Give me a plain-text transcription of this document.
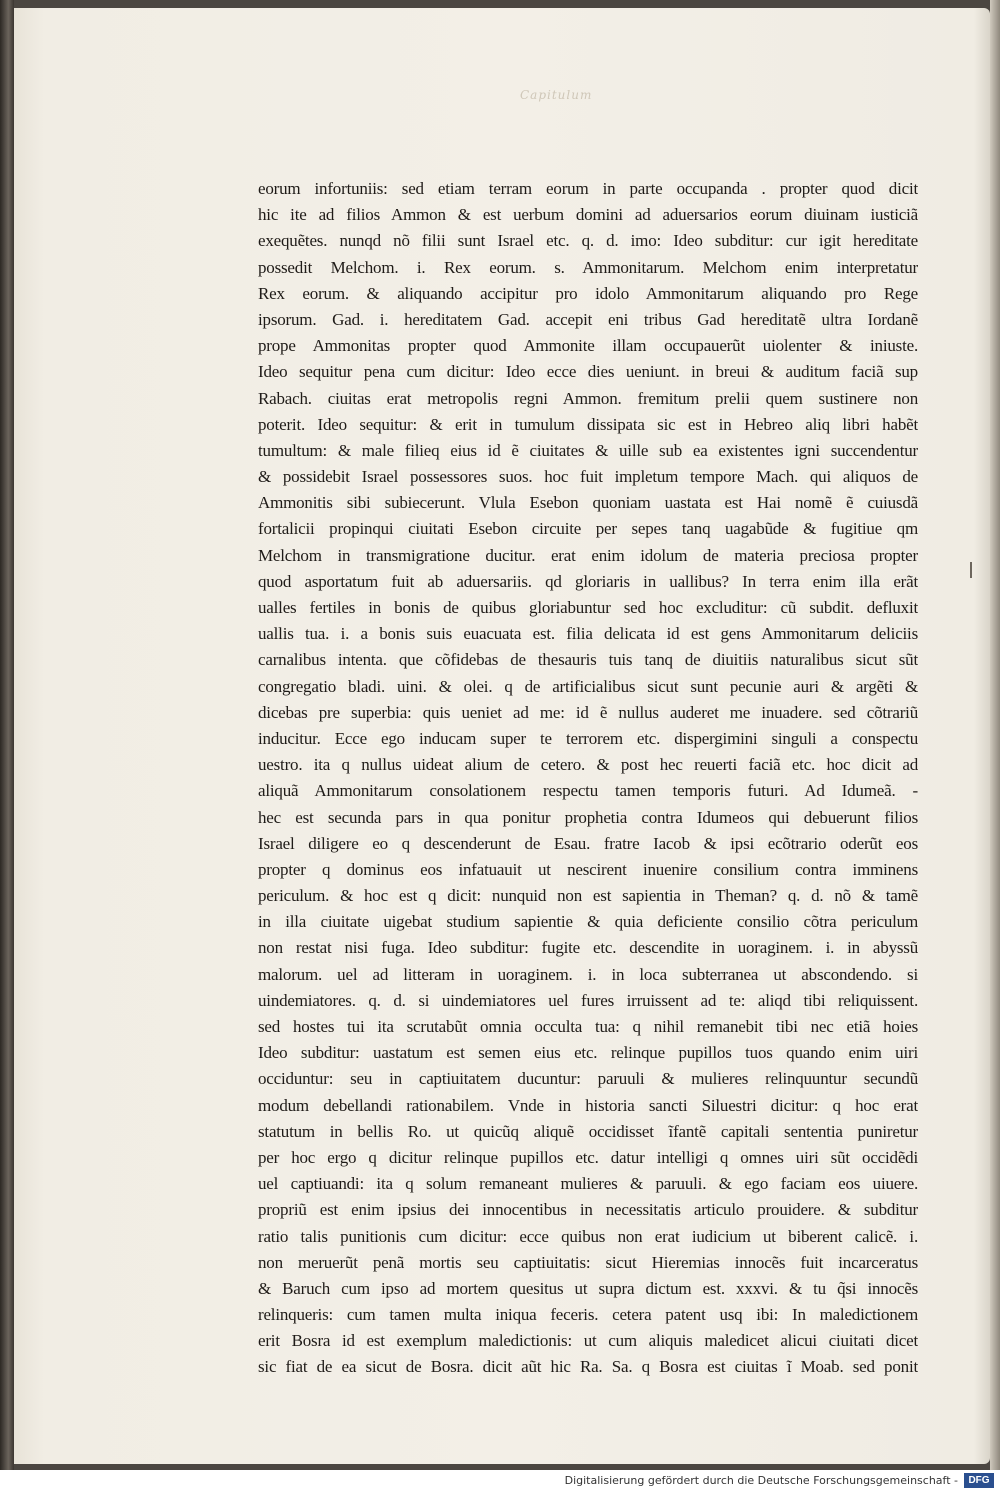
Capitulum
eorum infortuniis: sed etiam terram eorum in parte occupanda . propter quod dicit
hic ite ad filios Ammon & est uerbum domini ad aduersarios eorum diuinam iusticiã
exequẽtes. nunqd nõ filii sunt Israel etc. q. d. imo: Ideo subditur: cur igit hereditate
possedit Melchom. i. Rex eorum. s. Ammonitarum. Melchom enim interpretatur
Rex eorum. & aliquando accipitur pro idolo Ammonitarum aliquando pro Rege
ipsorum. Gad. i. hereditatem Gad. accepit eni tribus Gad hereditatẽ ultra Iordanẽ
prope Ammonitas propter quod Ammonite illam occupauerũt uiolenter & iniuste.
Ideo sequitur pena cum dicitur: Ideo ecce dies ueniunt. in breui & auditum faciã sup
Rabach. ciuitas erat metropolis regni Ammon. fremitum prelii quem sustinere non
poterit. Ideo sequitur: & erit in tumulum dissipata sic est in Hebreo aliq libri habẽt
tumultum: & male filieq eius id ẽ ciuitates & uille sub ea existentes igni succendentur
& possidebit Israel possessores suos. hoc fuit impletum tempore Mach. qui aliquos de
Ammonitis sibi subiecerunt. Vlula Esebon quoniam uastata est Hai nomẽ ẽ cuiusdã
fortalicii propinqui ciuitati Esebon circuite per sepes tanq uagabũde & fugitiue qm
Melchom in transmigratione ducitur. erat enim idolum de materia preciosa propter
quod asportatum fuit ab aduersariis. qd gloriaris in uallibus? In terra enim illa erãt
ualles fertiles in bonis de quibus gloriabuntur sed hoc excluditur: cũ subdit. defluxit
uallis tua. i. a bonis suis euacuata est. filia delicata id est gens Ammonitarum deliciis
carnalibus intenta. que cõfidebas de thesauris tuis tanq de diuitiis naturalibus sicut sũt
congregatio bladi. uini. & olei. q de artificialibus sicut sunt pecunie auri & argẽti &
dicebas pre superbia: quis ueniet ad me: id ẽ nullus auderet me inuadere. sed cõtrariũ
inducitur. Ecce ego inducam super te terrorem etc. dispergimini singuli a conspectu
uestro. ita q nullus uideat alium de cetero. & post hec reuerti faciã etc. hoc dicit ad
aliquã Ammonitarum consolationem respectu tamen temporis futuri. Ad Idumeã. -
hec est secunda pars in qua ponitur prophetia contra Idumeos qui debuerunt filios
Israel diligere eo q descenderunt de Esau. fratre Iacob & ipsi ecõtrario oderũt eos
propter q dominus eos infatuauit ut nescirent inuenire consilium contra imminens
periculum. & hoc est q dicit: nunquid non est sapientia in Theman? q. d. nõ & tamẽ
in illa ciuitate uigebat studium sapientie & quia deficiente consilio cõtra periculum
non restat nisi fuga. Ideo subditur: fugite etc. descendite in uoraginem. i. in abyssũ
malorum. uel ad litteram in uoraginem. i. in loca subterranea ut abscondendo. si
uindemiatores. q. d. si uindemiatores uel fures irruissent ad te: aliqd tibi reliquissent.
sed hostes tui ita scrutabũt omnia occulta tua: q nihil remanebit tibi nec etiã hoies
Ideo subditur: uastatum est semen eius etc. relinque pupillos tuos quando enim uiri
occiduntur: seu in captiuitatem ducuntur: paruuli & mulieres relinquuntur secundũ
modum debellandi rationabilem. Vnde in historia sancti Siluestri dicitur: q hoc erat
statutum in bellis Ro. ut quicũq aliquẽ occidisset ĩfantẽ capitali sententia puniretur
per hoc ergo q dicitur relinque pupillos etc. datur intelligi q omnes uiri sũt occidẽdi
uel captiuandi: ita q solum remaneant mulieres & paruuli. & ego faciam eos uiuere.
propriũ est enim ipsius dei innocentibus in necessitatis articulo prouidere. & subditur
ratio talis punitionis cum dicitur: ecce quibus non erat iudicium ut biberent calicẽ. i.
non meruerũt penã mortis seu captiuitatis: sicut Hieremias innocẽs fuit incarceratus
& Baruch cum ipso ad mortem quesitus ut supra dictum est. xxxvi. & tu q̃si innocẽs
relinqueris: cum tamen multa iniqua feceris. cetera patent usq ibi: In maledictionem
erit Bosra id est exemplum maledictionis: ut cum aliquis maledicet alicui ciuitati dicet
sic fiat de ea sicut de Bosra. dicit aũt hic Ra. Sa. q Bosra est ciuitas ĩ Moab. sed ponit
Digitalisierung gefördert durch die Deutsche Forschungsgemeinschaft -	DFG
